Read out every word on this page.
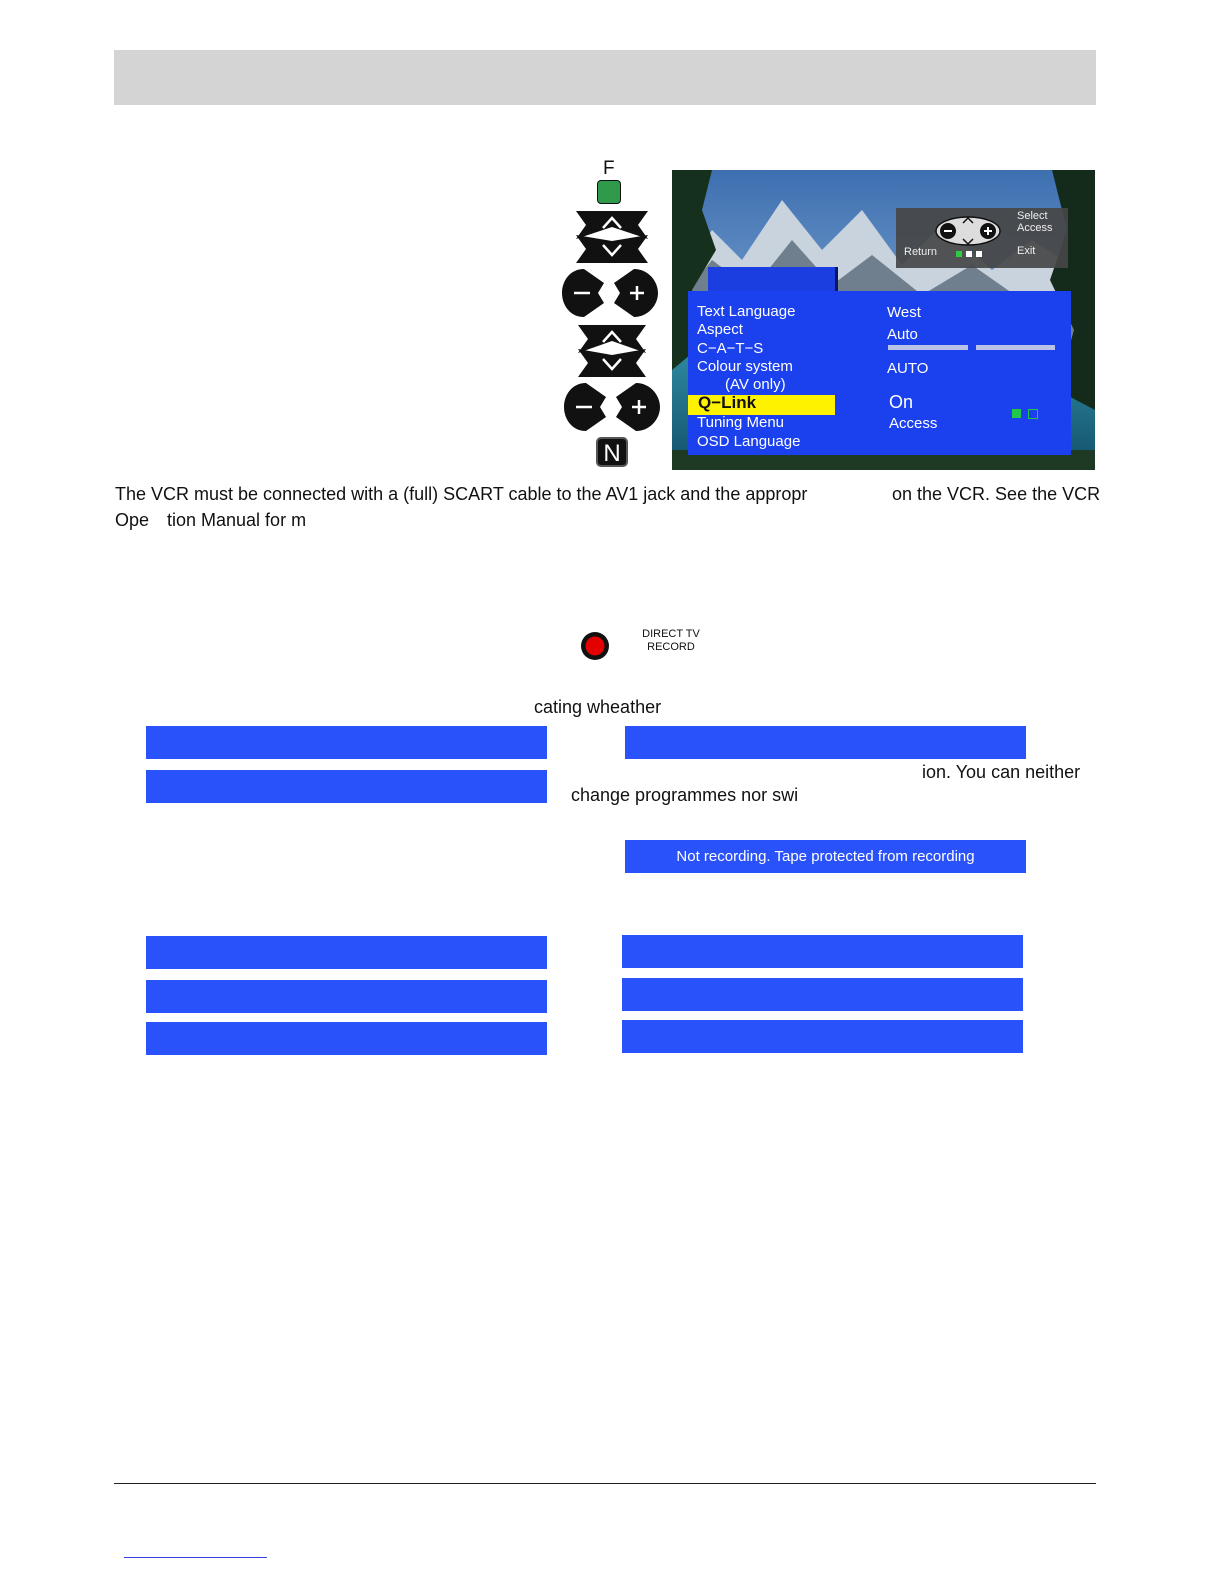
F
N
Select
Access
Return	Exit
Text Language
Aspect
C−A−T−S
Colour system
(AV only)
Q−Link
Tuning Menu
OSD Language
West
Auto
AUTO
On
Access
The VCR must be connected with a (full) SCART cable to the AV1 jack and the appropr	on the VCR. See the VCR
Ope tion Manual for m
DIRECT TV
RECORD
cating wheather
ion. You can neither
change programmes nor swi
Not recording. Tape protected from recording
